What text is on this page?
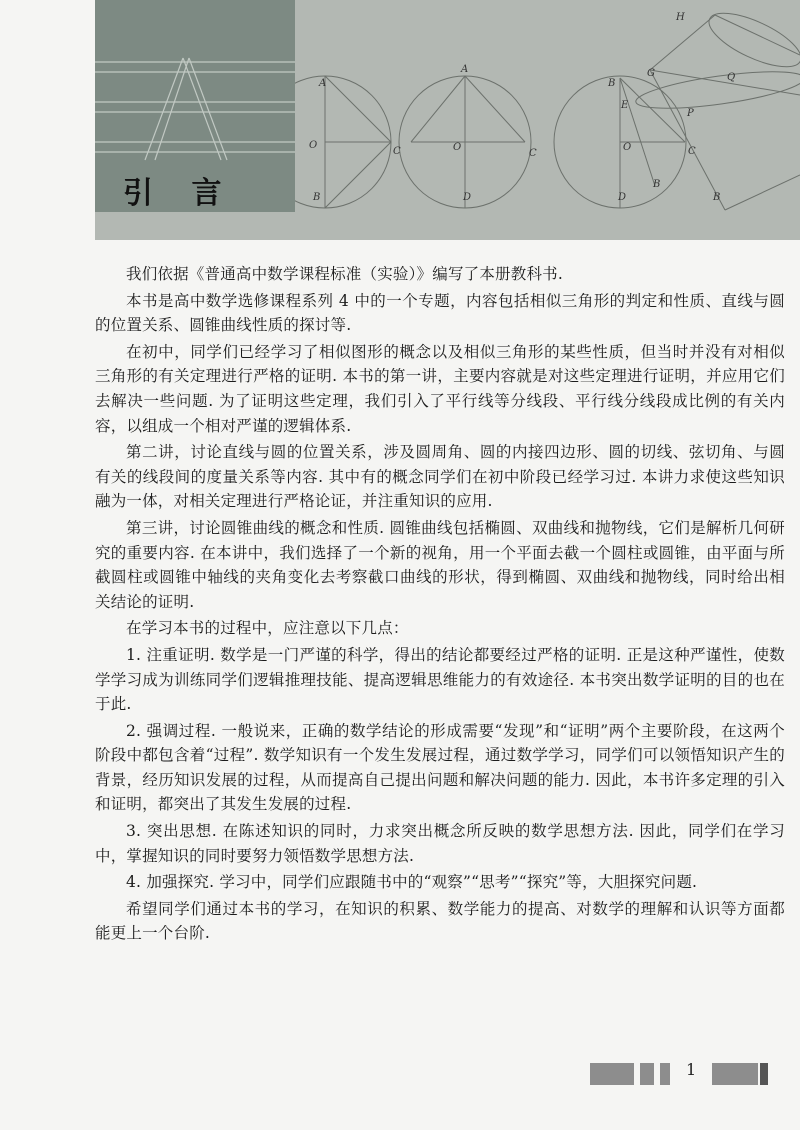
引 言
A
O
C
B
A
O
C
D
B
E
O	C
D
B
H
G	Q
P
B

我们依据《普通高中数学课程标准（实验）》编写了本册教科书.

本书是高中数学选修课程系列 4 中的一个专题，内容包括相似三角形的判定和性质、直线与圆的位置关系、圆锥曲线性质的探讨等.

在初中，同学们已经学习了相似图形的概念以及相似三角形的某些性质，但当时并没有对相似三角形的有关定理进行严格的证明. 本书的第一讲，主要内容就是对这些定理进行证明，并应用它们去解决一些问题. 为了证明这些定理，我们引入了平行线等分线段、平行线分线段成比例的有关内容，以组成一个相对严谨的逻辑体系.

第二讲，讨论直线与圆的位置关系，涉及圆周角、圆的内接四边形、圆的切线、弦切角、与圆有关的线段间的度量关系等内容. 其中有的概念同学们在初中阶段已经学习过. 本讲力求使这些知识融为一体，对相关定理进行严格论证，并注重知识的应用.

第三讲，讨论圆锥曲线的概念和性质. 圆锥曲线包括椭圆、双曲线和抛物线，它们是解析几何研究的重要内容. 在本讲中，我们选择了一个新的视角，用一个平面去截一个圆柱或圆锥，由平面与所截圆柱或圆锥中轴线的夹角变化去考察截口曲线的形状，得到椭圆、双曲线和抛物线，同时给出相关结论的证明.

在学习本书的过程中，应注意以下几点：

1. 注重证明. 数学是一门严谨的科学，得出的结论都要经过严格的证明. 正是这种严谨性，使数学学习成为训练同学们逻辑推理技能、提高逻辑思维能力的有效途径. 本书突出数学证明的目的也在于此.

2. 强调过程. 一般说来，正确的数学结论的形成需要“发现”和“证明”两个主要阶段，在这两个阶段中都包含着“过程”. 数学知识有一个发生发展过程，通过数学学习，同学们可以领悟知识产生的背景，经历知识发展的过程，从而提高自己提出问题和解决问题的能力. 因此，本书许多定理的引入和证明，都突出了其发生发展的过程.

3. 突出思想. 在陈述知识的同时，力求突出概念所反映的数学思想方法. 因此，同学们在学习中，掌握知识的同时要努力领悟数学思想方法.

4. 加强探究. 学习中，同学们应跟随书中的“观察”“思考”“探究”等，大胆探究问题.

希望同学们通过本书的学习，在知识的积累、数学能力的提高、对数学的理解和认识等方面都能更上一个台阶.

1
